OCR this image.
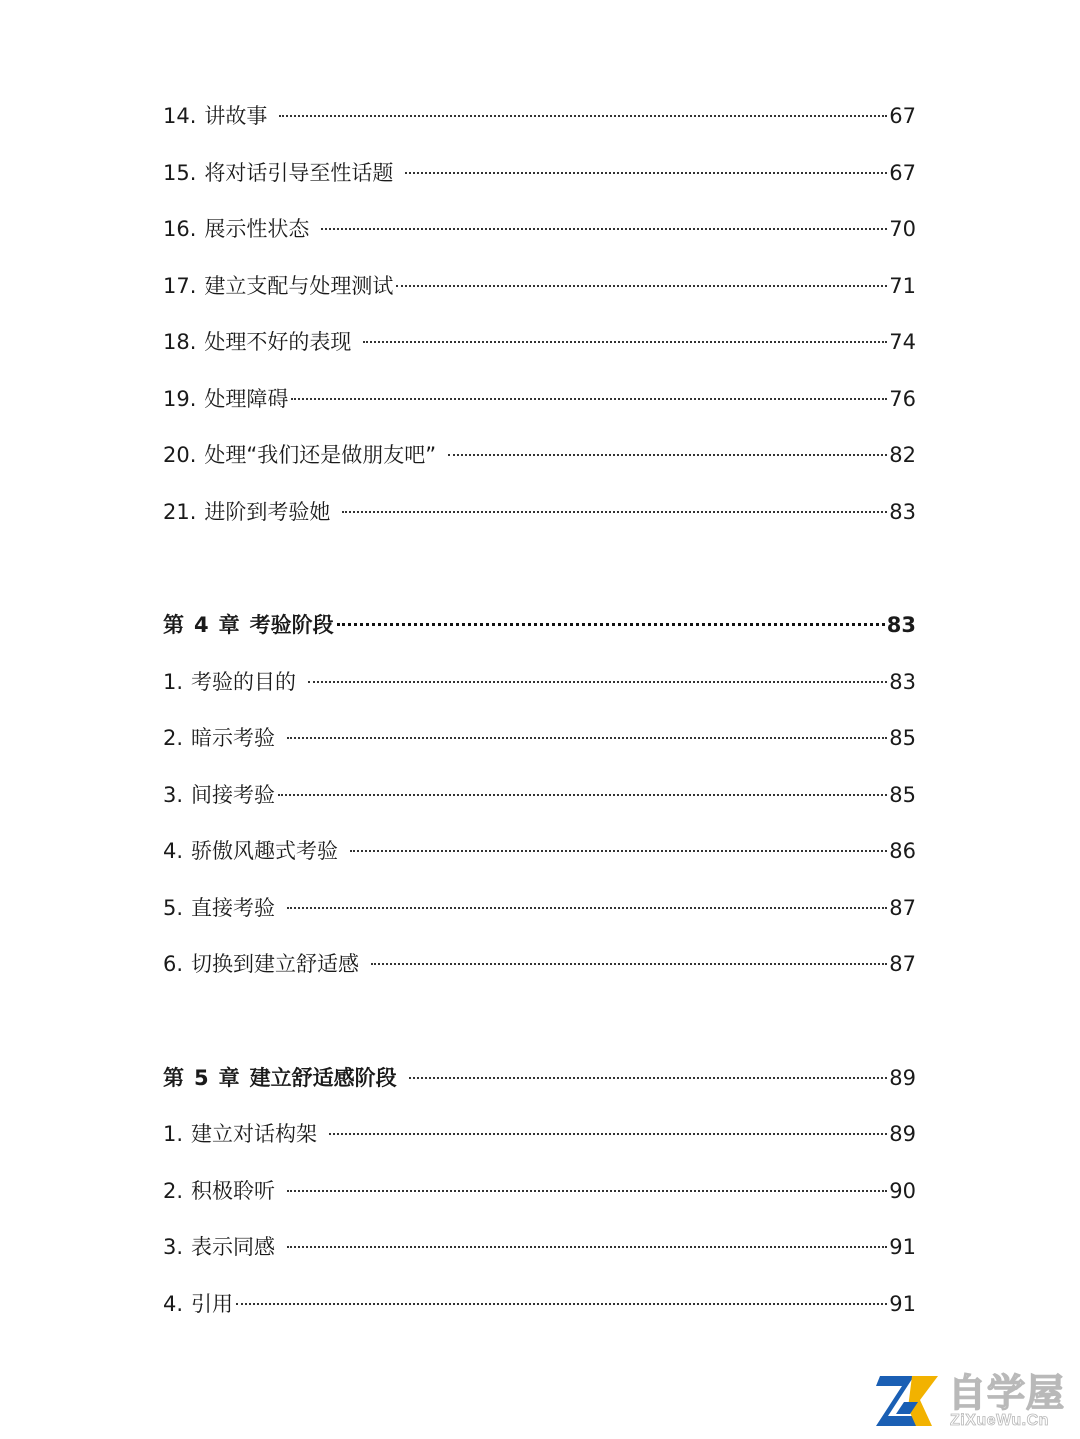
14. 讲故事	67
15. 将对话引导至性话题	67
16. 展示性状态	70
17. 建立支配与处理测试	71
18. 处理不好的表现	74
19. 处理障碍	76
20. 处理“我们还是做朋友吧”	82
21. 进阶到考验她	83
第 4 章 考验阶段	83
1. 考验的目的	83
2. 暗示考验	85
3. 间接考验	85
4. 骄傲风趣式考验	86
5. 直接考验	87
6. 切换到建立舒适感	87
第 5 章 建立舒适感阶段	89
1. 建立对话构架	89
2. 积极聆听	90
3. 表示同感	91
4. 引用	91
自学屋
ZiXueWu.Cn
